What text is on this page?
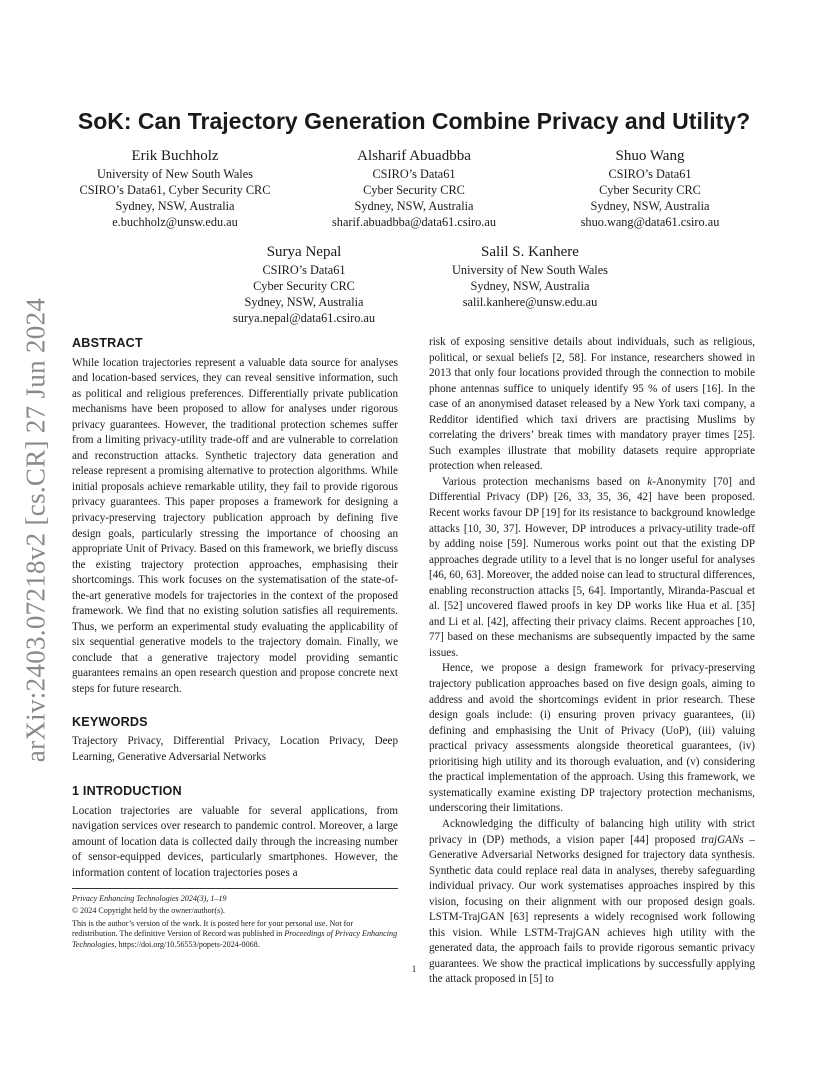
arXiv:2403.07218v2 [cs.CR] 27 Jun 2024
SoK: Can Trajectory Generation Combine Privacy and Utility?
Erik Buchholz
University of New South Wales
CSIRO’s Data61, Cyber Security CRC
Sydney, NSW, Australia
e.buchholz@unsw.edu.au
Alsharif Abuadbba
CSIRO’s Data61
Cyber Security CRC
Sydney, NSW, Australia
sharif.abuadbba@data61.csiro.au
Shuo Wang
CSIRO’s Data61
Cyber Security CRC
Sydney, NSW, Australia
shuo.wang@data61.csiro.au
Surya Nepal
CSIRO’s Data61
Cyber Security CRC
Sydney, NSW, Australia
surya.nepal@data61.csiro.au
Salil S. Kanhere
University of New South Wales
Sydney, NSW, Australia
salil.kanhere@unsw.edu.au
ABSTRACT

While location trajectories represent a valuable data source for analyses and location-based services, they can reveal sensitive information, such as political and religious preferences. Differentially private publication mechanisms have been proposed to allow for analyses under rigorous privacy guarantees. However, the traditional protection schemes suffer from a limiting privacy-utility trade-off and are vulnerable to correlation and reconstruction attacks. Synthetic trajectory data generation and release represent a promising alternative to protection algorithms. While initial proposals achieve remarkable utility, they fail to provide rigorous privacy guarantees. This paper proposes a framework for designing a privacy-preserving trajectory publication approach by defining five design goals, particularly stressing the importance of choosing an appropriate Unit of Privacy. Based on this framework, we briefly discuss the existing trajectory protection approaches, emphasising their shortcomings. This work focuses on the systematisation of the state-of-the-art generative models for trajectories in the context of the proposed framework. We find that no existing solution satisfies all requirements. Thus, we perform an experimental study evaluating the applicability of six sequential generative models to the trajectory domain. Finally, we conclude that a generative trajectory model providing semantic guarantees remains an open research question and propose concrete next steps for future research.

KEYWORDS

Trajectory Privacy, Differential Privacy, Location Privacy, Deep Learning, Generative Adversarial Networks

1 INTRODUCTION

Location trajectories are valuable for several applications, from navigation services over research to pandemic control. Moreover, a large amount of location data is collected daily through the increasing number of sensor-equipped devices, particularly smartphones. However, the information content of location trajectories poses a

Privacy Enhancing Technologies 2024(3), 1–19

© 2024 Copyright held by the owner/author(s).

This is the author’s version of the work. It is posted here for your personal use. Not for redistribution. The definitive Version of Record was published in Proceedings of Privacy Enhancing Technologies, https://doi.org/10.56553/popets-2024-0068.

risk of exposing sensitive details about individuals, such as religious, political, or sexual beliefs [2, 58]. For instance, researchers showed in 2013 that only four locations provided through the connection to mobile phone antennas suffice to uniquely identify 95 % of users [16]. In the case of an anonymised dataset released by a New York taxi company, a Redditor identified which taxi drivers are practising Muslims by correlating the drivers’ break times with mandatory prayer times [25]. Such examples illustrate that mobility datasets require appropriate protection when released.

Various protection mechanisms based on k-Anonymity [70] and Differential Privacy (DP) [26, 33, 35, 36, 42] have been proposed. Recent works favour DP [19] for its resistance to background knowledge attacks [10, 30, 37]. However, DP introduces a privacy-utility trade-off by adding noise [59]. Numerous works point out that the existing DP approaches degrade utility to a level that is no longer useful for analyses [46, 60, 63]. Moreover, the added noise can lead to structural differences, enabling reconstruction attacks [5, 64]. Importantly, Miranda-Pascual et al. [52] uncovered flawed proofs in key DP works like Hua et al. [35] and Li et al. [42], affecting their privacy claims. Recent approaches [10, 77] based on these mechanisms are subsequently impacted by the same issues.

Hence, we propose a design framework for privacy-preserving trajectory publication approaches based on five design goals, aiming to address and avoid the shortcomings evident in prior research. These design goals include: (i) ensuring proven privacy guarantees, (ii) defining and emphasising the Unit of Privacy (UoP), (iii) valuing practical privacy assessments alongside theoretical guarantees, (iv) prioritising high utility and its thorough evaluation, and (v) considering the practical implementation of the approach. Using this framework, we systematically examine existing DP trajectory protection mechanisms, underscoring their limitations.

Acknowledging the difficulty of balancing high utility with strict privacy in (DP) methods, a vision paper [44] proposed trajGANs – Generative Adversarial Networks designed for trajectory data synthesis. Synthetic data could replace real data in analyses, thereby safeguarding individual privacy. Our work systematises approaches inspired by this vision, focusing on their alignment with our proposed design goals. LSTM-TrajGAN [63] represents a widely recognised work following this vision. While LSTM-TrajGAN achieves high utility with the generated data, the approach fails to provide rigorous semantic privacy guarantees. We show the practical implications by successfully applying the attack proposed in [5] to

1
